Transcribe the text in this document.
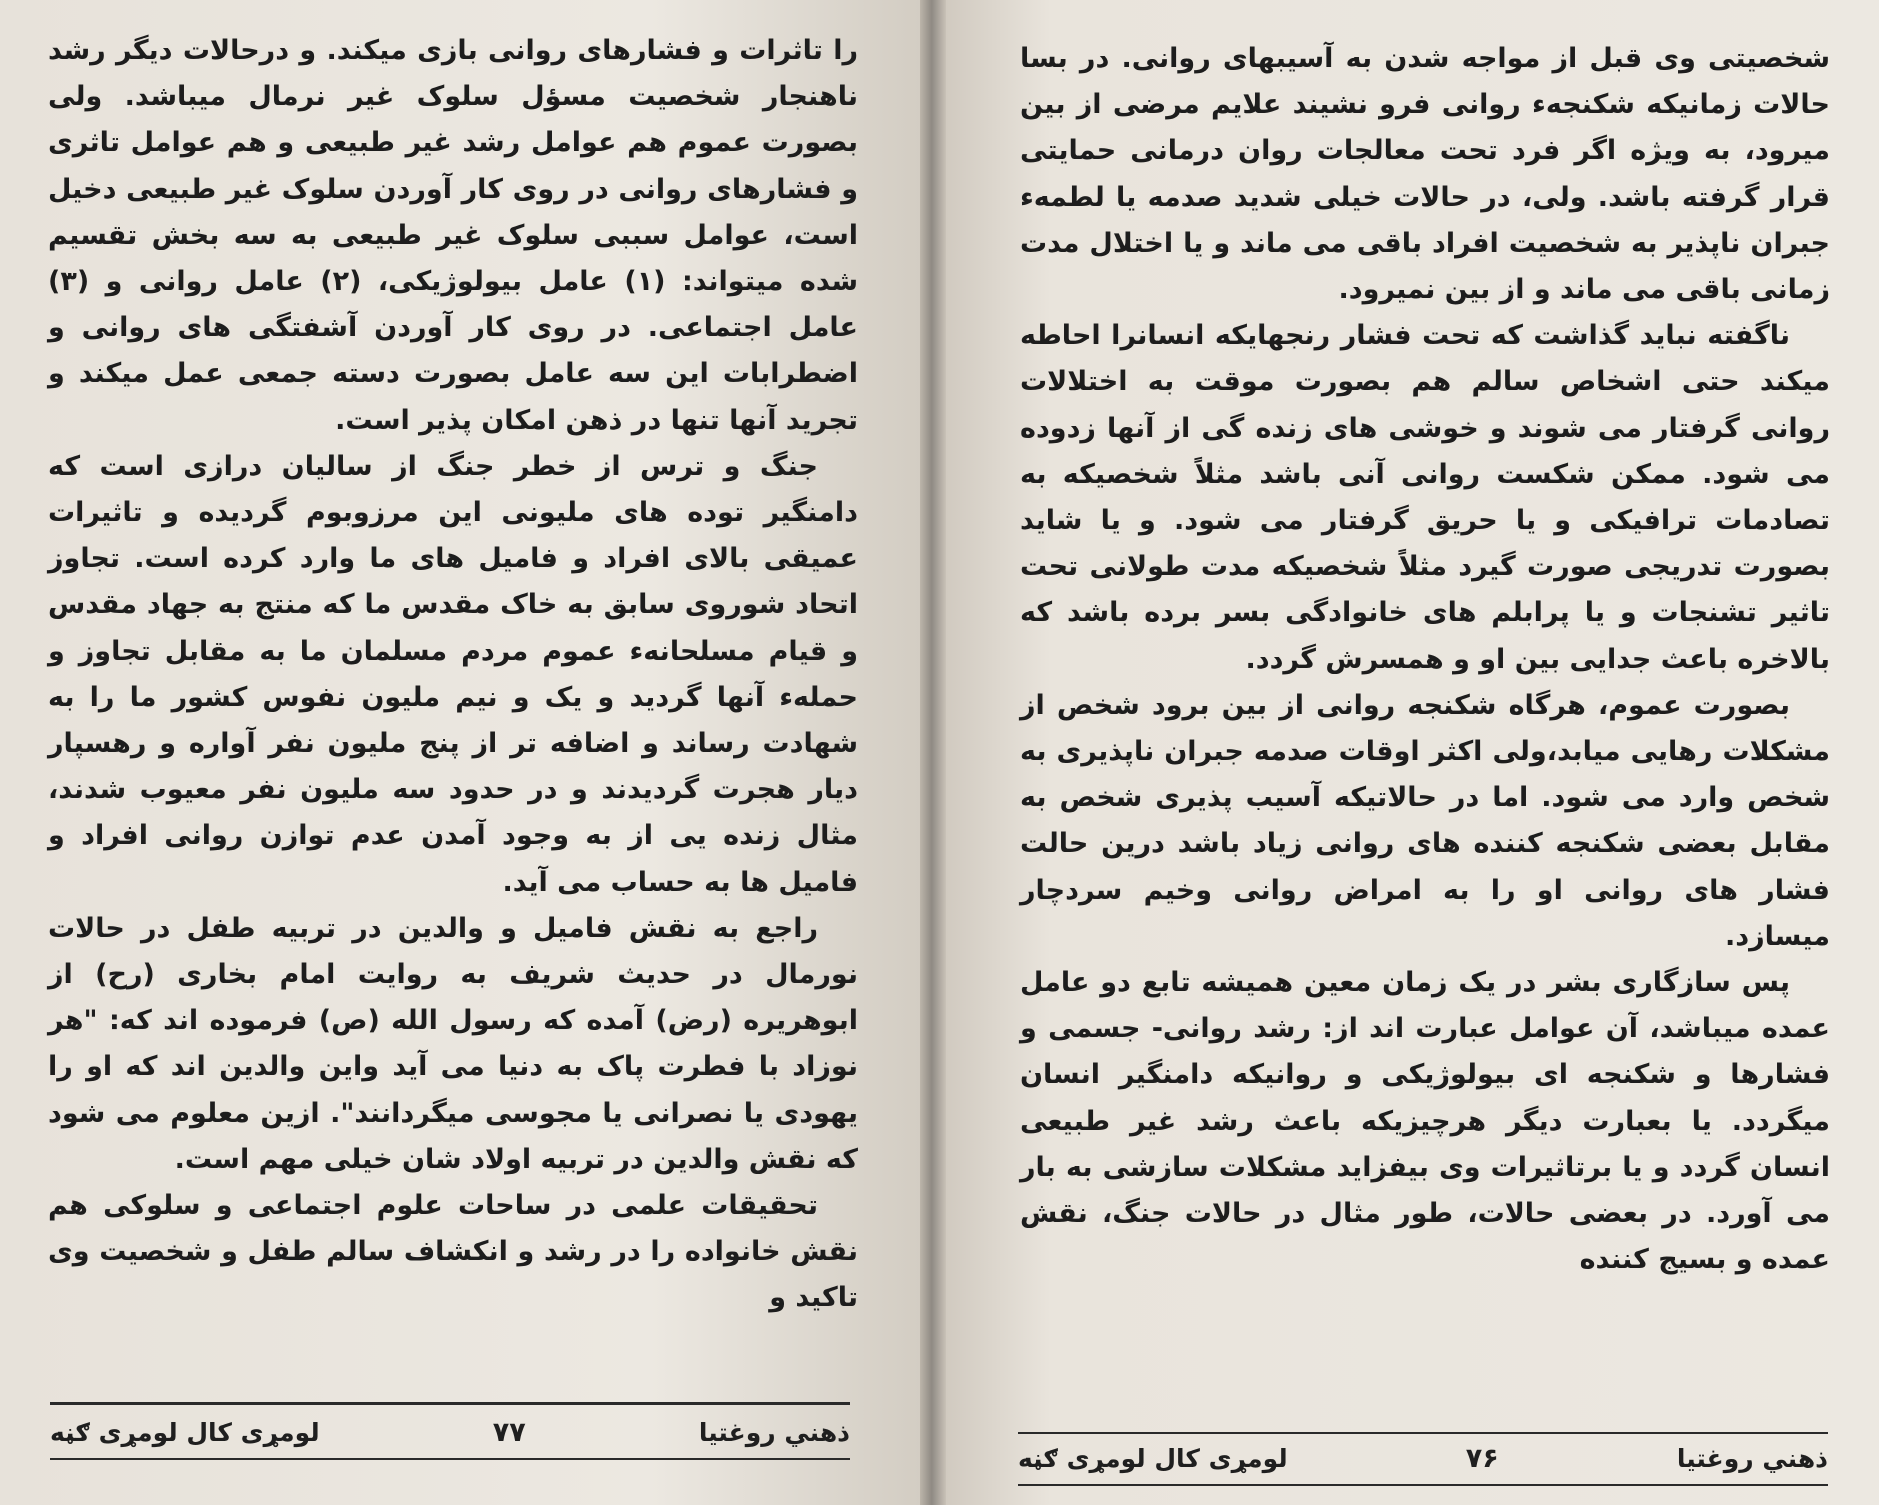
را تاثرات و فشارهای روانی بازی میکند. و درحالات دیگر رشد ناهنجار شخصیت مسؤل سلوک غیر نرمال میباشد. ولی بصورت عموم هم عوامل رشد غیر طبیعی و هم عوامل تاثری و فشارهای روانی در روی کار آوردن سلوک غیر طبیعی دخیل است، عوامل سببی سلوک غیر طبیعی به سه بخش تقسیم شده میتواند: (۱) عامل بیولوژیکی، (۲) عامل روانی و (۳) عامل اجتماعی. در روی کار آوردن آشفتگی های روانی و اضطرابات این سه عامل بصورت دسته جمعی عمل میکند و تجرید آنها تنها در ذهن امکان پذیر است.

جنگ و ترس از خطر جنگ از سالیان درازی است که دامنگیر توده های ملیونی این مرزوبوم گردیده و تاثیرات عمیقی بالای افراد و فامیل های ما وارد کرده است. تجاوز اتحاد شوروی سابق به خاک مقدس ما که منتج به جهاد مقدس و قیام مسلحانهء عموم مردم مسلمان ما به مقابل تجاوز و حملهء آنها گردید و یک و نیم ملیون نفوس کشور ما را به شهادت رساند و اضافه تر از پنج ملیون نفر آواره و رهسپار دیار هجرت گردیدند و در حدود سه ملیون نفر معیوب شدند، مثال زنده یی از به وجود آمدن عدم توازن روانی افراد و فامیل ها به حساب می آید.

راجع به نقش فامیل و والدین در تربیه طفل در حالات نورمال در حدیث شریف به روایت امام بخاری (رح) از ابوهریره (رض) آمده که رسول الله (ص) فرموده اند که: "هر نوزاد با فطرت پاک به دنیا می آید واین والدین اند که او را یهودی یا نصرانی یا مجوسی میگردانند". ازین معلوم می شود که نقش والدین در تربیه اولاد شان خیلی مهم است.

تحقیقات علمی در ساحات علوم اجتماعی و سلوکی هم نقش خانواده را در رشد و انکشاف سالم طفل و شخصیت وی تاکید و

ذهني روغتيا
۷۷
لومړى كال لومړى ګڼه

شخصیتی وی قبل از مواجه شدن به آسیبهای روانی. در بسا حالات زمانیکه شکنجهء روانی فرو نشیند علایم مرضی از بین میرود، به ویژه اگر فرد تحت معالجات روان درمانی حمایتی قرار گرفته باشد. ولی، در حالات خیلی شدید صدمه یا لطمهء جبران ناپذیر به شخصیت افراد باقی می ماند و یا اختلال مدت زمانی باقی می ماند و از بین نمیرود.

ناگفته نباید گذاشت که تحت فشار رنجهایکه انسانرا احاطه میکند حتی اشخاص سالم هم بصورت موقت به اختلالات روانی گرفتار می شوند و خوشی های زنده گی از آنها زدوده می شود. ممکن شکست روانی آنی باشد مثلاً شخصیکه به تصادمات ترافیکی و یا حریق گرفتار می شود. و یا شاید بصورت تدریجی صورت گیرد مثلاً شخصیکه مدت طولانی تحت تاثیر تشنجات و یا پرابلم های خانوادگی بسر برده باشد که بالاخره باعث جدایی بین او و همسرش گردد.

بصورت عموم، هرگاه شکنجه روانی از بین برود شخص از مشکلات رهایی میابد،ولی اکثر اوقات صدمه جبران ناپذیری به شخص وارد می شود. اما در حالاتیکه آسیب پذیری شخص به مقابل بعضی شکنجه کننده های روانی زیاد باشد درین حالت فشار های روانی او را به امراض روانی وخیم سردچار میسازد.

پس سازگاری بشر در یک زمان معین همیشه تابع دو عامل عمده میباشد، آن عوامل عبارت اند از: رشد روانی- جسمی و فشارها و شکنجه ای بیولوژیکی و روانیکه دامنگیر انسان میگردد. یا بعبارت دیگر هرچیزیکه باعث رشد غیر طبیعی انسان گردد و یا برتاثیرات وی بیفزاید مشکلات سازشی به بار می آورد. در بعضی حالات، طور مثال در حالات جنگ، نقش عمده و بسیج کننده

ذهني روغتيا
۷۶
لومړى كال لومړى ګڼه
